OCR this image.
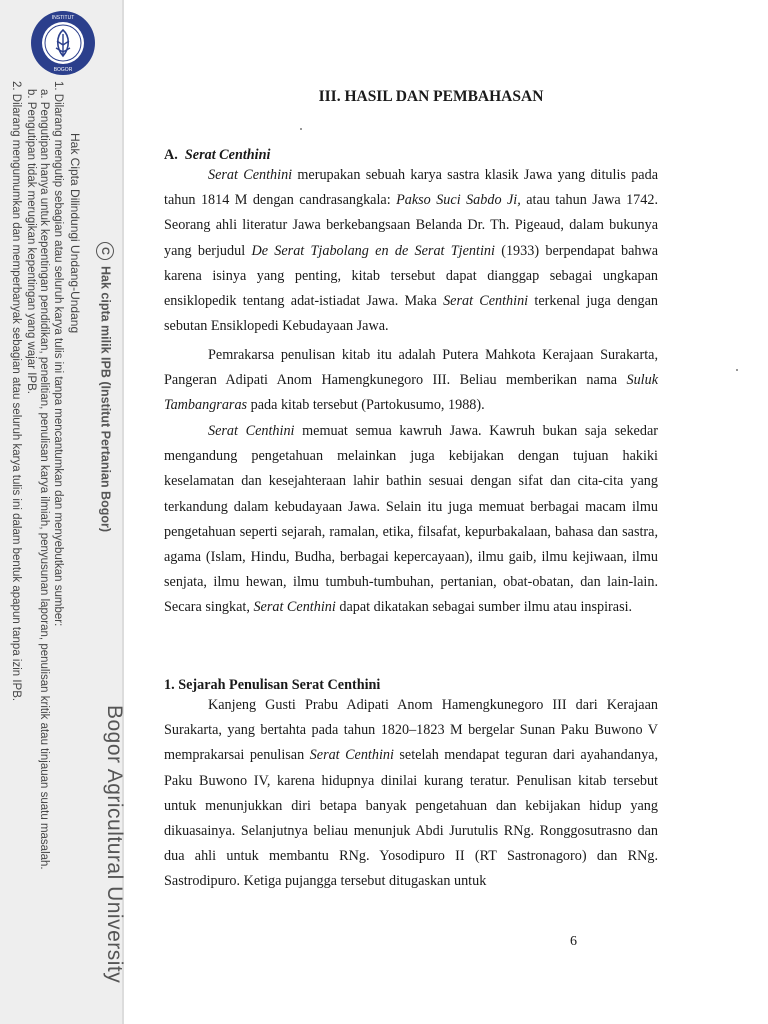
INSTITUT
BOGOR
Bogor Agricultural University
CHak cipta milik IPB (Institut Pertanian Bogor)
Hak Cipta Dilindungi Undang-Undang
1. Dilarang mengutip sebagian atau seluruh karya tulis ini tanpa mencantumkan dan menyebutkan sumber:
a. Pengutipan hanya untuk kepentingan pendidikan, penelitian, penulisan karya ilmiah, penyusunan laporan, penulisan kritik atau tinjauan suatu masalah.
b. Pengutipan tidak merugikan kepentingan yang wajar IPB.
2. Dilarang mengumumkan dan memperbanyak sebagian atau seluruh karya tulis ini dalam bentuk apapun tanpa izin IPB.	III. HASIL DAN PEMBAHASAN
A. Serat Centhini

Serat Centhini merupakan sebuah karya sastra klasik Jawa yang ditulis pada tahun 1814 M dengan candrasangkala: Pakso Suci Sabdo Ji, atau tahun Jawa 1742. Seorang ahli literatur Jawa berkebangsaan Belanda Dr. Th. Pigeaud, dalam bukunya yang berjudul De Serat Tjabolang en de Serat Tjentini (1933) berpendapat bahwa karena isinya yang penting, kitab tersebut dapat dianggap sebagai ungkapan ensiklopedik tentang adat-istiadat Jawa. Maka Serat Centhini terkenal juga dengan sebutan Ensiklopedi Kebudayaan Jawa.

Pemrakarsa penulisan kitab itu adalah Putera Mahkota Kerajaan Surakarta, Pangeran Adipati Anom Hamengkunegoro III. Beliau memberikan nama Suluk Tambangraras pada kitab tersebut (Partokusumo, 1988).

Serat Centhini memuat semua kawruh Jawa. Kawruh bukan saja sekedar mengandung pengetahuan melainkan juga kebijakan dengan tujuan hakiki keselamatan dan kesejahteraan lahir bathin sesuai dengan sifat dan cita-cita yang terkandung dalam kebudayaan Jawa. Selain itu juga memuat berbagai macam ilmu pengetahuan seperti sejarah, ramalan, etika, filsafat, kepurbakalaan, bahasa dan sastra, agama (Islam, Hindu, Budha, berbagai kepercayaan), ilmu gaib, ilmu kejiwaan, ilmu senjata, ilmu hewan, ilmu tumbuh-tumbuhan, pertanian, obat-obatan, dan lain-lain. Secara singkat, Serat Centhini dapat dikatakan sebagai sumber ilmu atau inspirasi.

1. Sejarah Penulisan Serat Centhini

Kanjeng Gusti Prabu Adipati Anom Hamengkunegoro III dari Kerajaan Surakarta, yang bertahta pada tahun 1820–1823 M bergelar Sunan Paku Buwono V memprakarsai penulisan Serat Centhini setelah mendapat teguran dari ayahandanya, Paku Buwono IV, karena hidupnya dinilai kurang teratur. Penulisan kitab tersebut untuk menunjukkan diri betapa banyak pengetahuan dan kebijakan hidup yang dikuasainya. Selanjutnya beliau menunjuk Abdi Jurutulis RNg. Ronggosutrasno dan dua ahli untuk membantu RNg. Yosodipuro II (RT Sastronagoro) dan RNg. Sastrodipuro. Ketiga pujangga tersebut ditugaskan untuk

6
